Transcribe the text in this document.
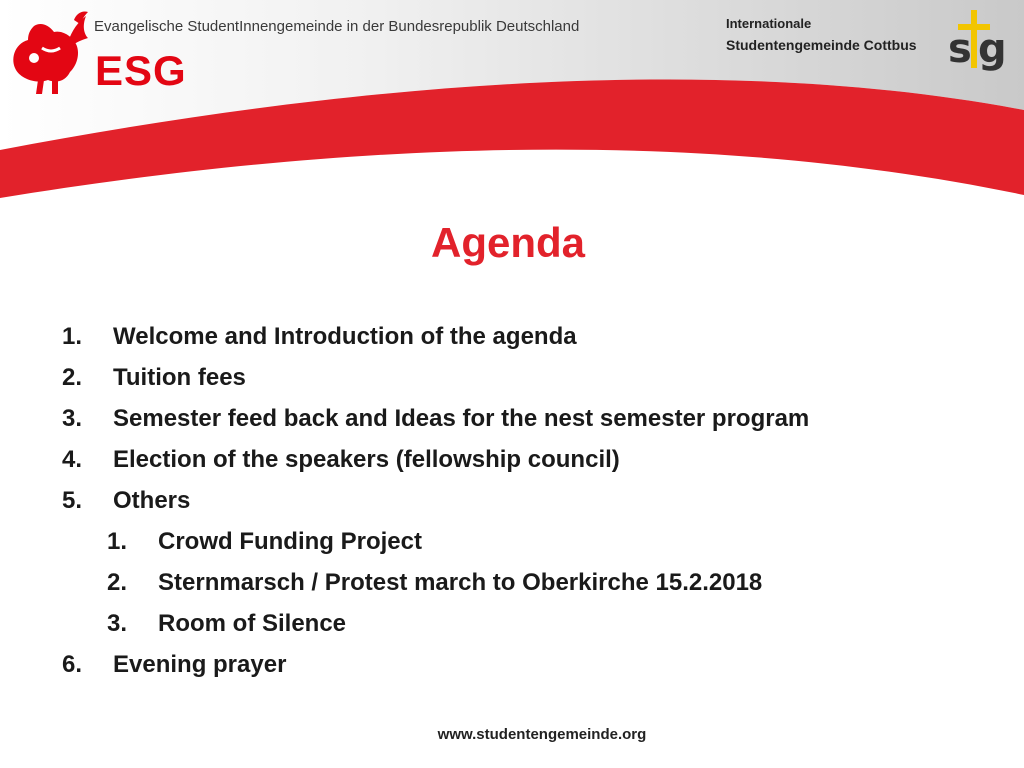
Evangelische StudentInnengemeinde in der Bundesrepublik Deutschland
ESG
Internationale
Studentengemeinde Cottbus s g
Agenda
1. Welcome and Introduction of the agenda
2. Tuition fees
3. Semester feed back and Ideas for the nest semester program
4. Election of the speakers (fellowship council)
5. Others
1. Crowd Funding Project
2. Sternmarsch / Protest march to Oberkirche 15.2.2018
3. Room of Silence
6. Evening prayer
www.studentengemeinde.org
